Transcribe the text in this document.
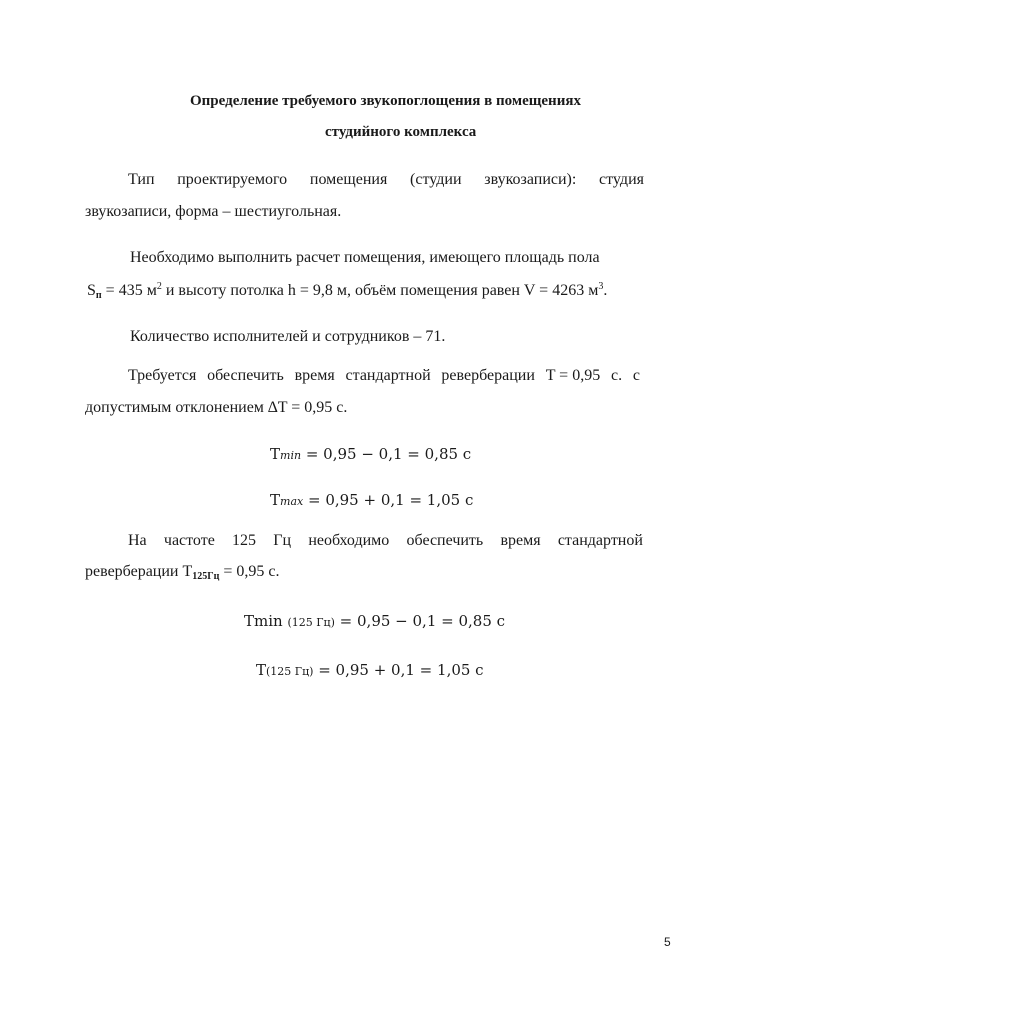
Определение требуемого звукопоглощения в помещениях
студийного комплекса
Тип проектируемого помещения (студии звукозаписи): студия
звукозаписи, форма – шестиугольная.
Необходимо выполнить расчет помещения, имеющего площадь пола
$S_п = 435$ $м^2$ и высоту потолка h = 9,8 м, объём помещения равен V = 4263 $м^3$.
Количество исполнителей и сотрудников – 71.
Требуется обеспечить время стандартной реверберации T = 0,95 с. с
допустимым отклонением ∆T = 0,95 с.
Tmin = 0,95 − 0,1 = 0,85 с
Tmax = 0,95 + 0,1 = 1,05 с
На частоте 125 Гц необходимо обеспечить время стандартной
реверберации $T_{125Гц} = 0,95$ с.
Tmin (125 Гц) = 0,95 − 0,1 = 0,85 с
T(125 Гц) = 0,95 + 0,1 = 1,05 с
5
